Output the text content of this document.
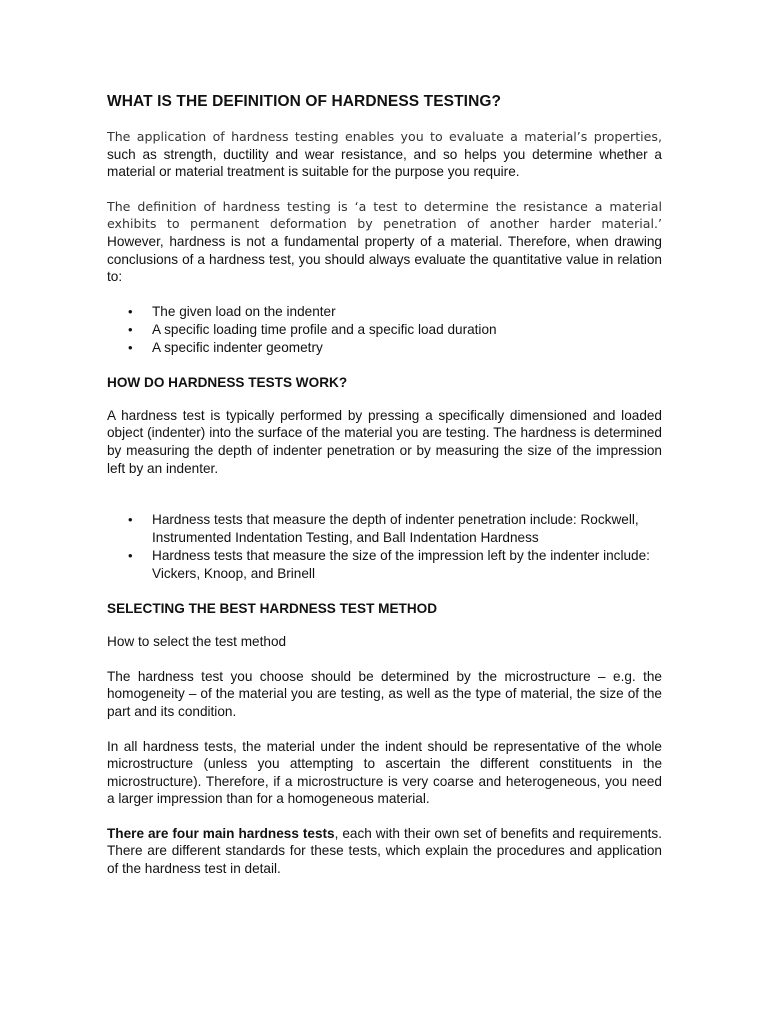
WHAT IS THE DEFINITION OF HARDNESS TESTING?

The application of hardness testing enables you to evaluate a material’s properties, such as strength, ductility and wear resistance, and so helps you determine whether a material or material treatment is suitable for the purpose you require.

The definition of hardness testing is ‘a test to determine the resistance a material exhibits to permanent deformation by penetration of another harder material.’ However, hardness is not a fundamental property of a material. Therefore, when drawing conclusions of a hardness test, you should always evaluate the quantitative value in relation to:

• The given load on the indenter
• A specific loading time profile and a specific load duration
• A specific indenter geometry
HOW DO HARDNESS TESTS WORK?

A hardness test is typically performed by pressing a specifically dimensioned and loaded object (indenter) into the surface of the material you are testing. The hardness is determined by measuring the depth of indenter penetration or by measuring the size of the impression left by an indenter.

• Hardness tests that measure the depth of indenter penetration include: Rockwell, Instrumented Indentation Testing, and Ball Indentation Hardness
• Hardness tests that measure the size of the impression left by the indenter include: Vickers, Knoop, and Brinell
SELECTING THE BEST HARDNESS TEST METHOD

How to select the test method

The hardness test you choose should be determined by the microstructure – e.g. the homogeneity – of the material you are testing, as well as the type of material, the size of the part and its condition.

In all hardness tests, the material under the indent should be representative of the whole microstructure (unless you attempting to ascertain the different constituents in the microstructure). Therefore, if a microstructure is very coarse and heterogeneous, you need a larger impression than for a homogeneous material.

There are four main hardness tests, each with their own set of benefits and requirements. There are different standards for these tests, which explain the procedures and application of the hardness test in detail.
